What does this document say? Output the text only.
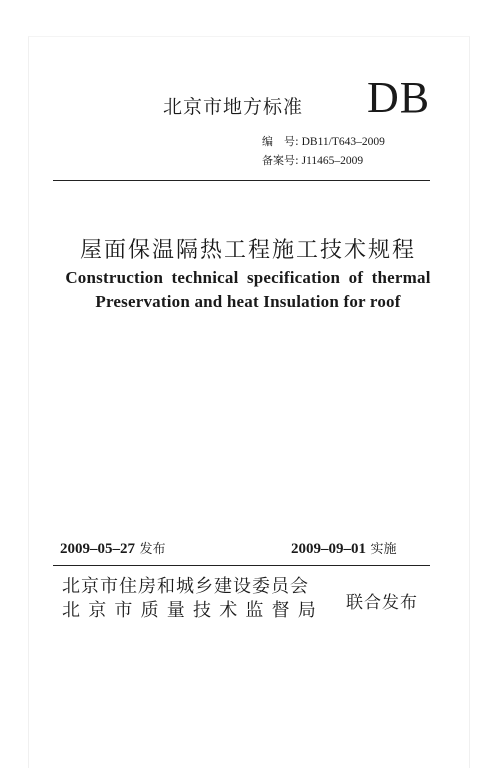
北京市地方标准 DB
编　号: DB11/T643–2009
备案号: J11465–2009
屋面保温隔热工程施工技术规程
Construction technical specification of thermal
Preservation and heat Insulation for roof
2009–05–27 发布	2009–09–01 实施
北京市住房和城乡建设委员会
北京市质量技术监督局 联合发布
